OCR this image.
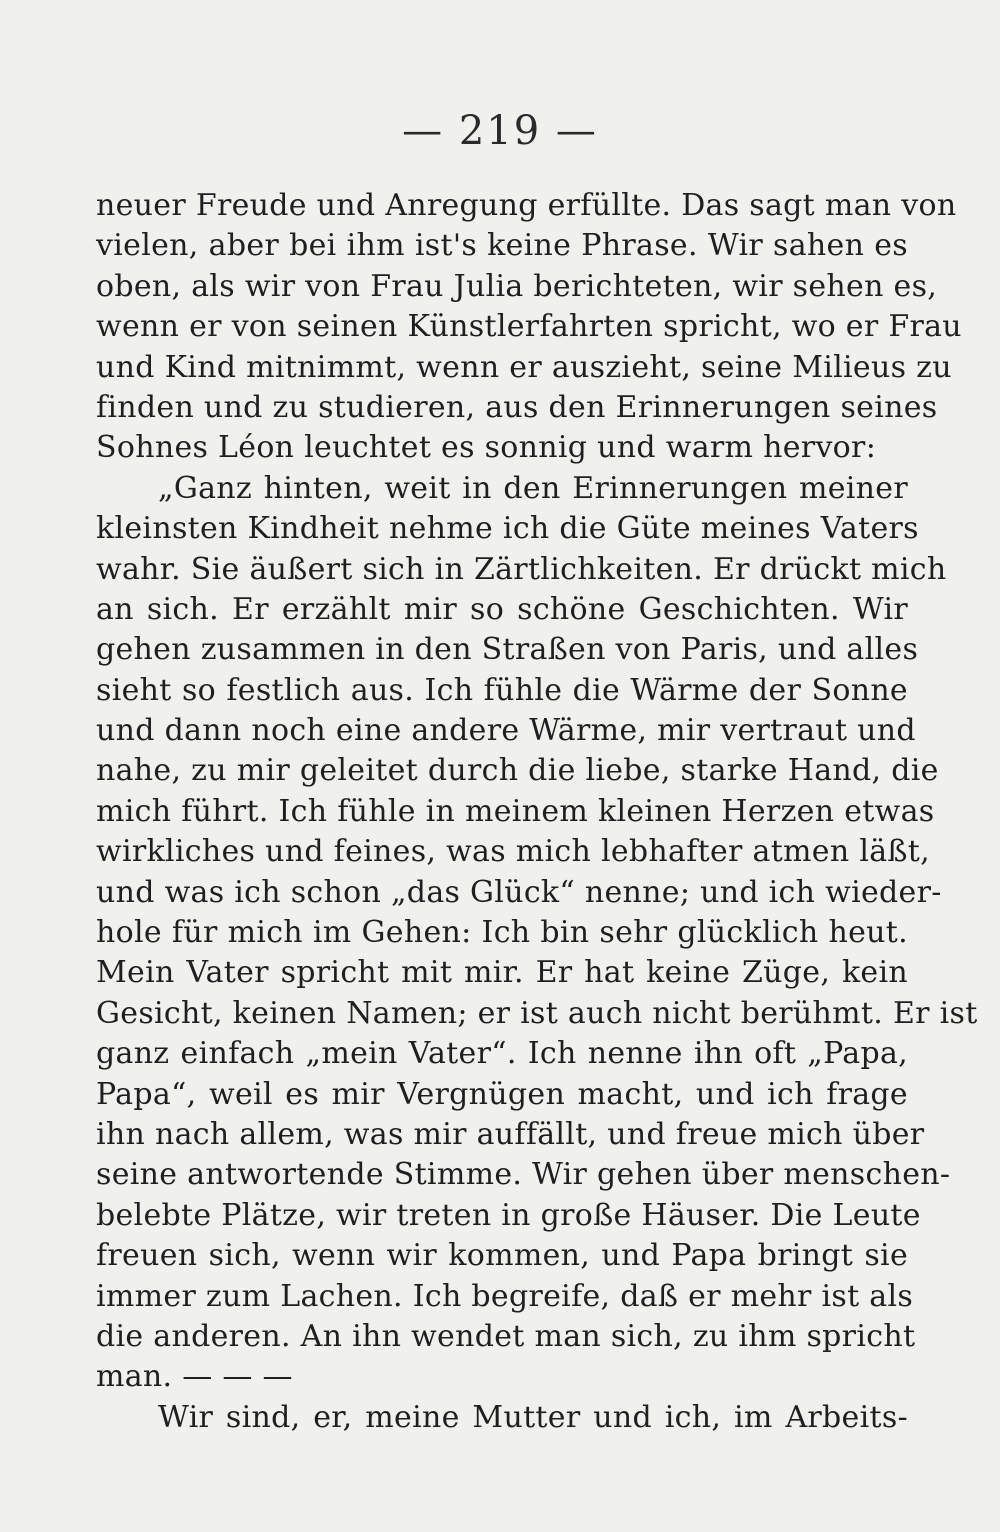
— 219 —
neuer Freude und Anregung erfüllte. Das sagt man von
vielen, aber bei ihm ist's keine Phrase. Wir sahen es
oben, als wir von Frau Julia berichteten, wir sehen es,
wenn er von seinen Künstlerfahrten spricht, wo er Frau
und Kind mitnimmt, wenn er auszieht, seine Milieus zu
finden und zu studieren, aus den Erinnerungen seines
Sohnes Léon leuchtet es sonnig und warm hervor:
„Ganz hinten, weit in den Erinnerungen meiner
kleinsten Kindheit nehme ich die Güte meines Vaters
wahr. Sie äußert sich in Zärtlichkeiten. Er drückt mich
an sich. Er erzählt mir so schöne Geschichten. Wir
gehen zusammen in den Straßen von Paris, und alles
sieht so festlich aus. Ich fühle die Wärme der Sonne
und dann noch eine andere Wärme, mir vertraut und
nahe, zu mir geleitet durch die liebe, starke Hand, die
mich führt. Ich fühle in meinem kleinen Herzen etwas
wirkliches und feines, was mich lebhafter atmen läßt,
und was ich schon „das Glück“ nenne; und ich wieder-
hole für mich im Gehen: Ich bin sehr glücklich heut.
Mein Vater spricht mit mir. Er hat keine Züge, kein
Gesicht, keinen Namen; er ist auch nicht berühmt. Er ist
ganz einfach „mein Vater“. Ich nenne ihn oft „Papa,
Papa“, weil es mir Vergnügen macht, und ich frage
ihn nach allem, was mir auffällt, und freue mich über
seine antwortende Stimme. Wir gehen über menschen-
belebte Plätze, wir treten in große Häuser. Die Leute
freuen sich, wenn wir kommen, und Papa bringt sie
immer zum Lachen. Ich begreife, daß er mehr ist als
die anderen. An ihn wendet man sich, zu ihm spricht
man. — — —
Wir sind, er, meine Mutter und ich, im Arbeits-
